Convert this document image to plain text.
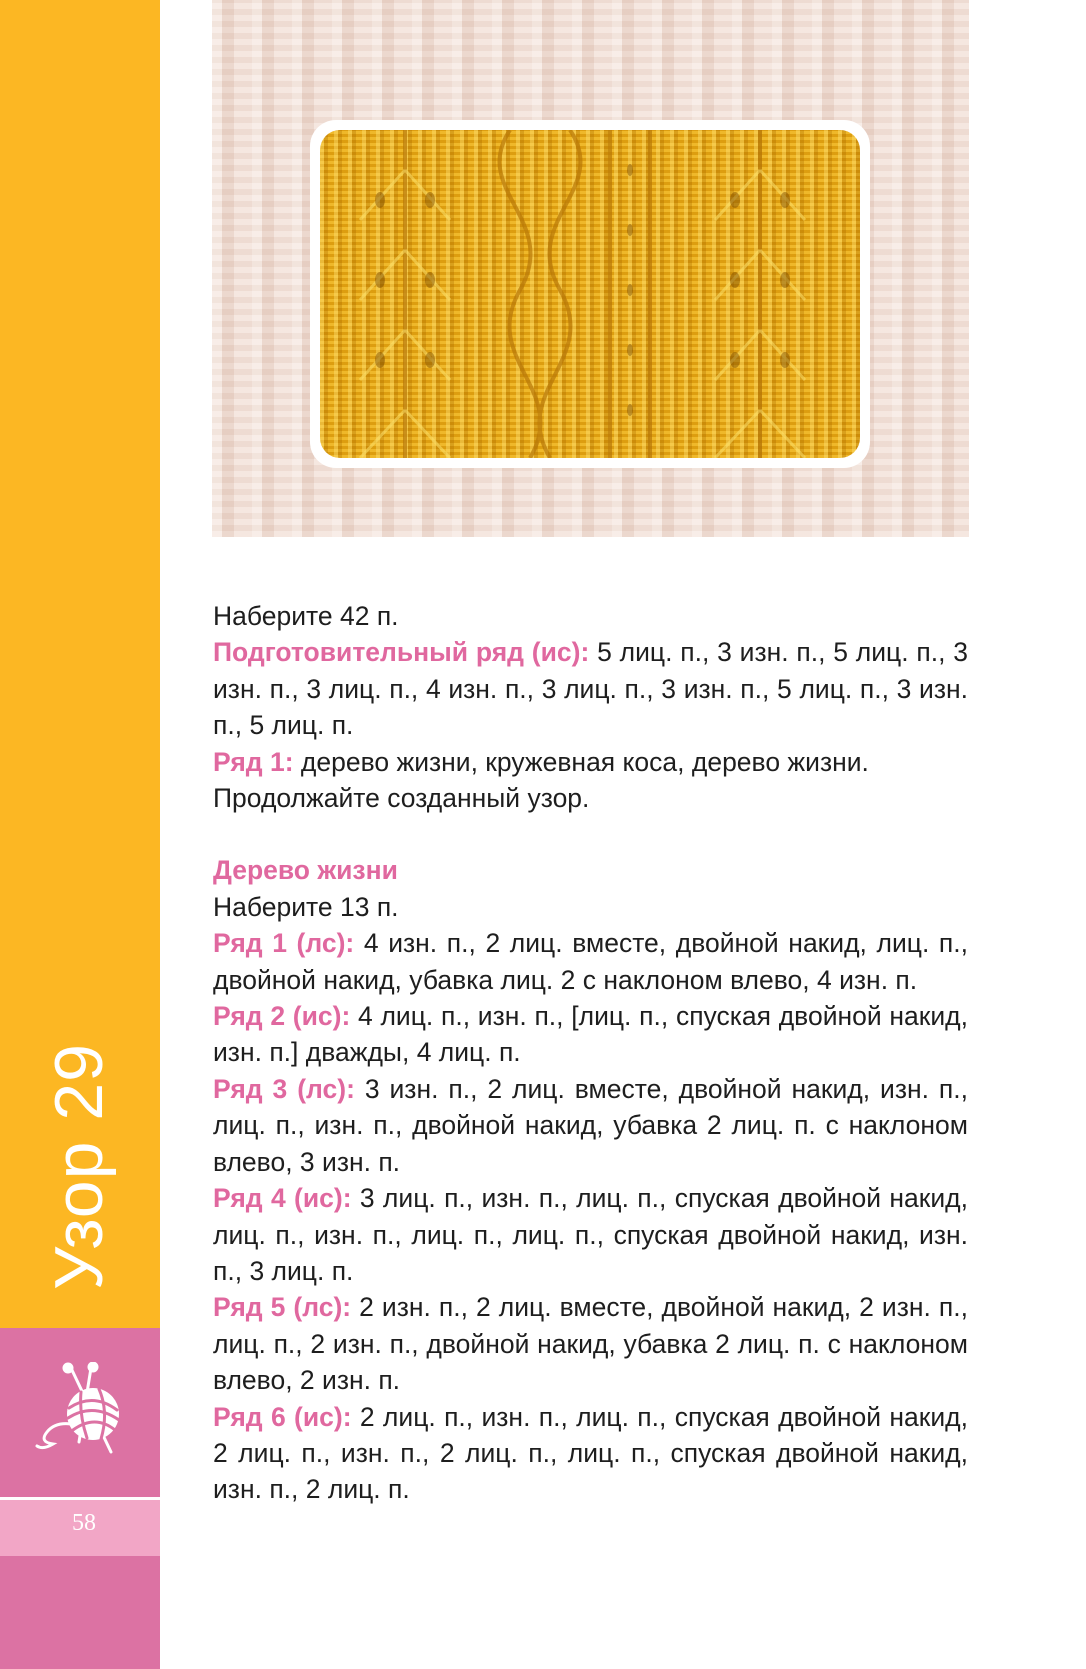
Узор 29
58

Наберите 42 п.

Подготовительный ряд (ис): 5 лиц. п., 3 изн. п., 5 лиц. п., 3 изн. п., 3 лиц. п., 4 изн. п., 3 лиц. п., 3 изн. п., 5 лиц. п., 3 изн. п., 5 лиц. п.

Ряд 1: дерево жизни, кружевная коса, дерево жизни.

Продолжайте созданный узор.

Дерево жизни

Наберите 13 п.

Ряд 1 (лс): 4 изн. п., 2 лиц. вместе, двойной накид, лиц. п., двойной накид, убавка лиц. 2 с наклоном влево, 4 изн. п.

Ряд 2 (ис): 4 лиц. п., изн. п., [лиц. п., спуская двойной накид, изн. п.] дважды, 4 лиц. п.

Ряд 3 (лс): 3 изн. п., 2 лиц. вместе, двойной накид, изн. п., лиц. п., изн. п., двойной накид, убавка 2 лиц. п. с наклоном влево, 3 изн. п.

Ряд 4 (ис): 3 лиц. п., изн. п., лиц. п., спуская двойной накид, лиц. п., изн. п., лиц. п., лиц. п., спуская двойной накид, изн. п., 3 лиц. п.

Ряд 5 (лс): 2 изн. п., 2 лиц. вместе, двойной накид, 2 изн. п., лиц. п., 2 изн. п., двойной накид, убавка 2 лиц. п. с наклоном влево, 2 изн. п.

Ряд 6 (ис): 2 лиц. п., изн. п., лиц. п., спуская двойной накид, 2 лиц. п., изн. п., 2 лиц. п., лиц. п., спуская двойной накид, изн. п., 2 лиц. п.
